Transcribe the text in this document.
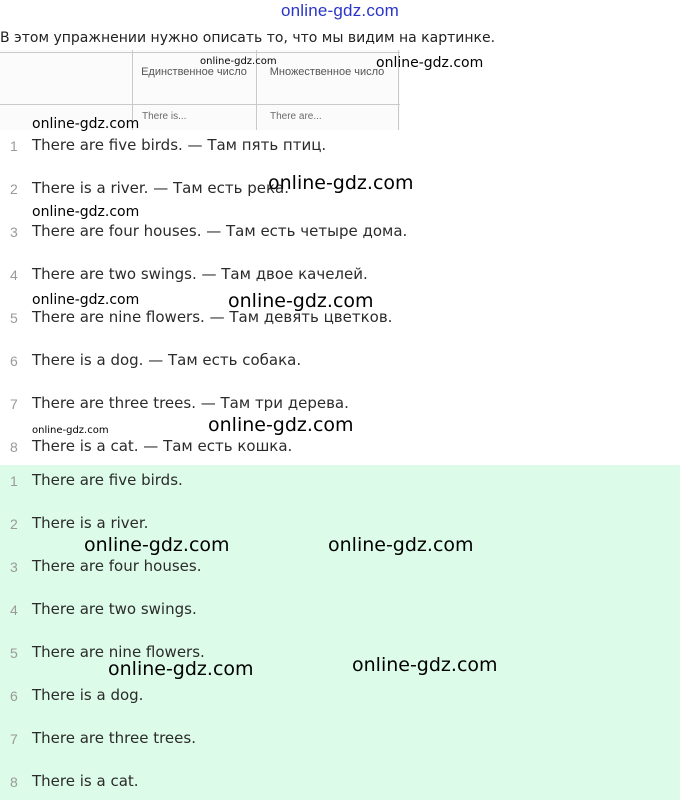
online-gdz.com
В этом упражнении нужно описать то, что мы видим на картинке.
Единственное число	Множественное число
There is...	There are...
1 There are five birds. — Там пять птиц.
2 There is a river. — Там есть река.
3 There are four houses. — Там есть четыре дома.
4 There are two swings. — Там двое качелей.
5 There are nine flowers. — Там девять цветков.
6 There is a dog. — Там есть собака.
7 There are three trees. — Там три дерева.
8 There is a cat. — Там есть кошка.
1 There are five birds.
2 There is a river.
3 There are four houses.
4 There are two swings.
5 There are nine flowers.
6 There is a dog.
7 There are three trees.
8 There is a cat.
online-gdz.com	online-gdz.com
online-gdz.com
online-gdz.com
online-gdz.com
online-gdz.com	online-gdz.com
online-gdz.com	online-gdz.com
online-gdz.com	online-gdz.com
online-gdz.com	online-gdz.com
